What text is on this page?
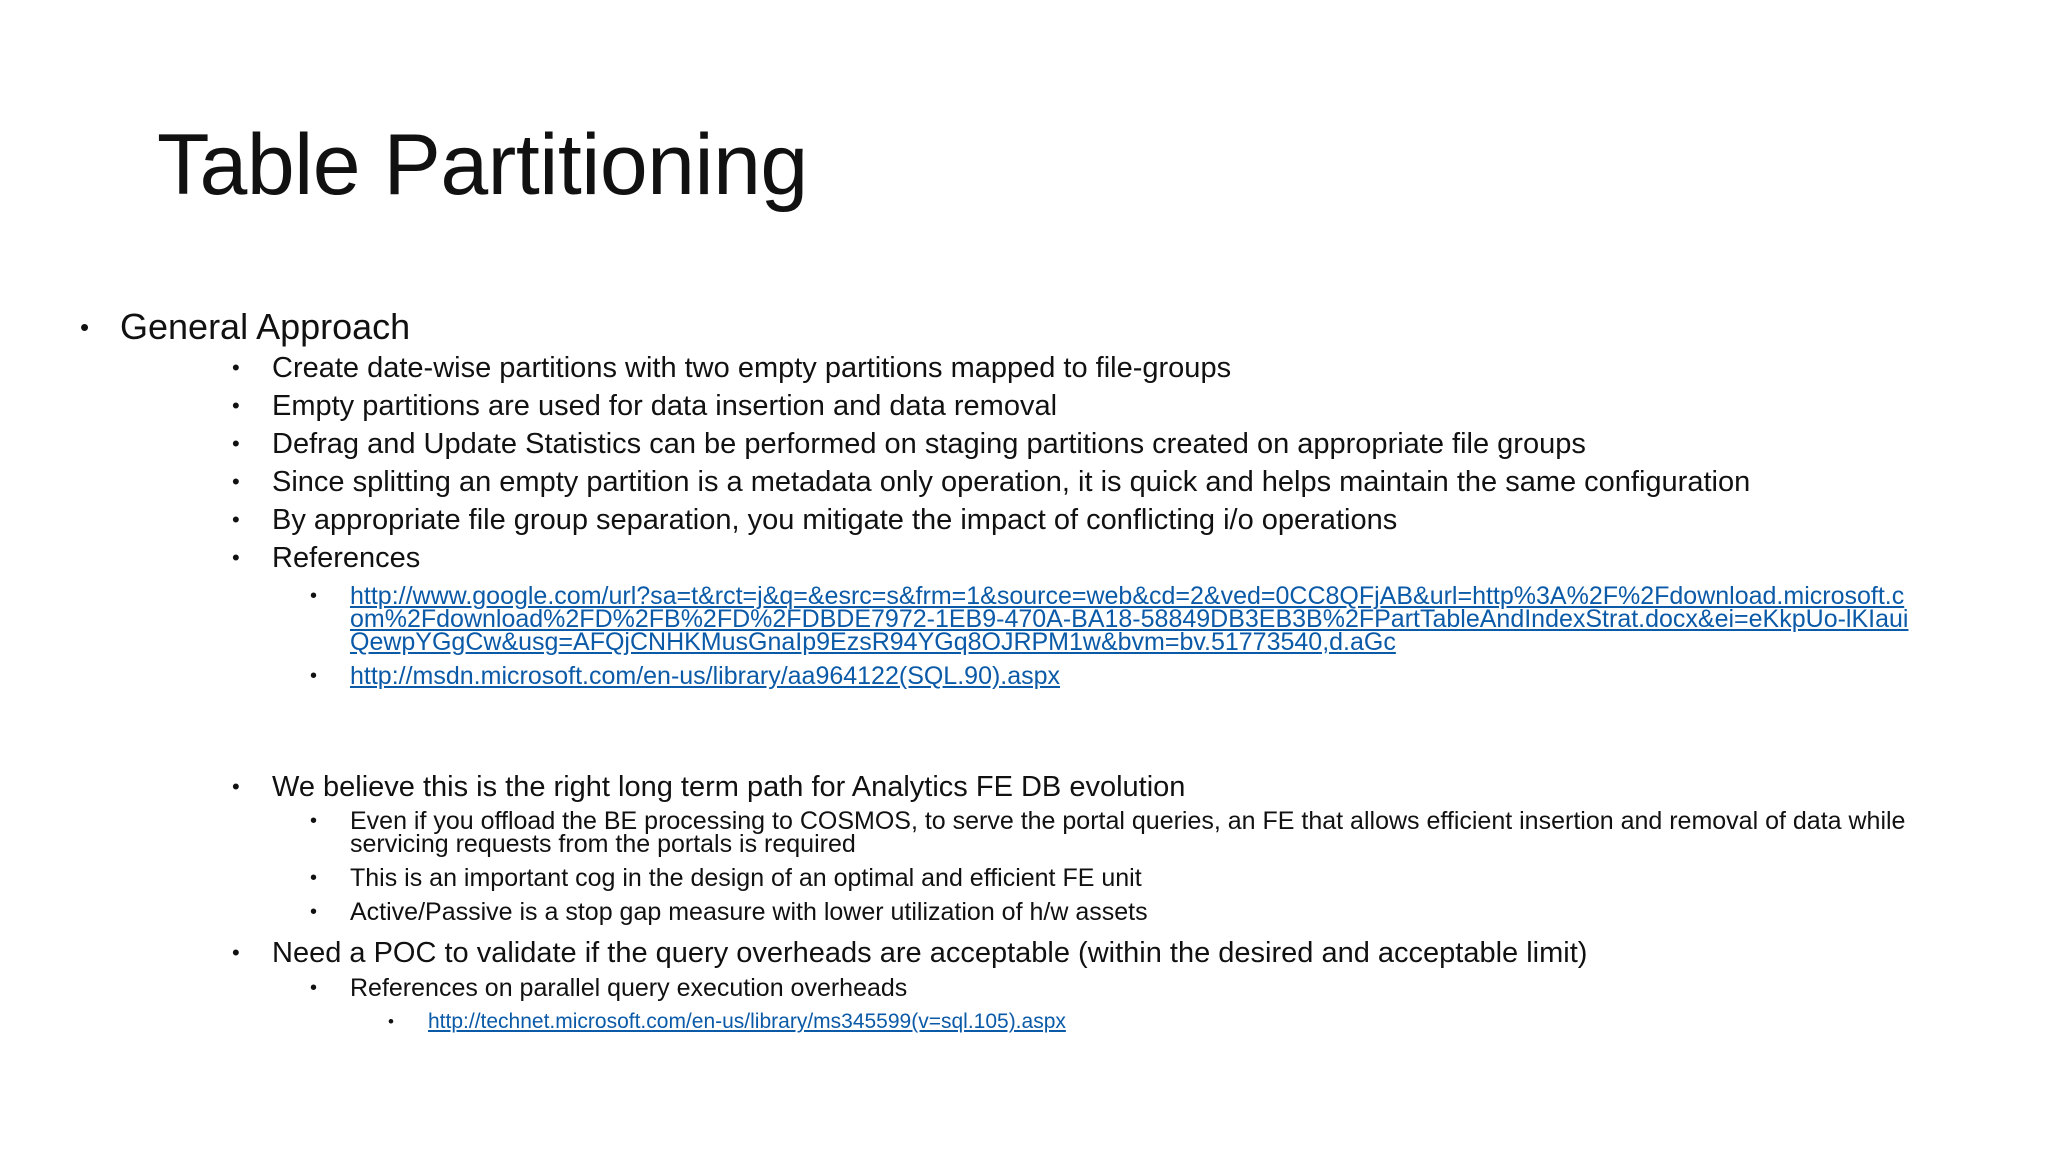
Table Partitioning
• General Approach
• Create date-wise partitions with two empty partitions mapped to file-groups
• Empty partitions are used for data insertion and data removal
• Defrag and Update Statistics can be performed on staging partitions created on appropriate file groups
• Since splitting an empty partition is a metadata only operation, it is quick and helps maintain the same configuration
• By appropriate file group separation, you mitigate the impact of conflicting i/o operations
• References
• http://www.google.com/url?sa=t&rct=j&q=&esrc=s&frm=1&source=web&cd=2&ved=0CC8QFjAB&url=http%3A%2F%2Fdownload.microsoft.com%2Fdownload%2FD%2FB%2FD%2FDBDE7972-1EB9-470A-BA18-58849DB3EB3B%2FPartTableAndIndexStrat.docx&ei=eKkpUo-lKIauiQewpYGgCw&usg=AFQjCNHKMusGnaIp9EzsR94YGq8OJRPM1w&bvm=bv.51773540,d.aGc
• http://msdn.microsoft.com/en-us/library/aa964122(SQL.90).aspx
• We believe this is the right long term path for Analytics FE DB evolution
• Even if you offload the BE processing to COSMOS, to serve the portal queries, an FE that allows efficient insertion and removal of data while servicing requests from the portals is required
• This is an important cog in the design of an optimal and efficient FE unit
• Active/Passive is a stop gap measure with lower utilization of h/w assets
• Need a POC to validate if the query overheads are acceptable (within the desired and acceptable limit)
• References on parallel query execution overheads
• http://technet.microsoft.com/en-us/library/ms345599(v=sql.105).aspx
